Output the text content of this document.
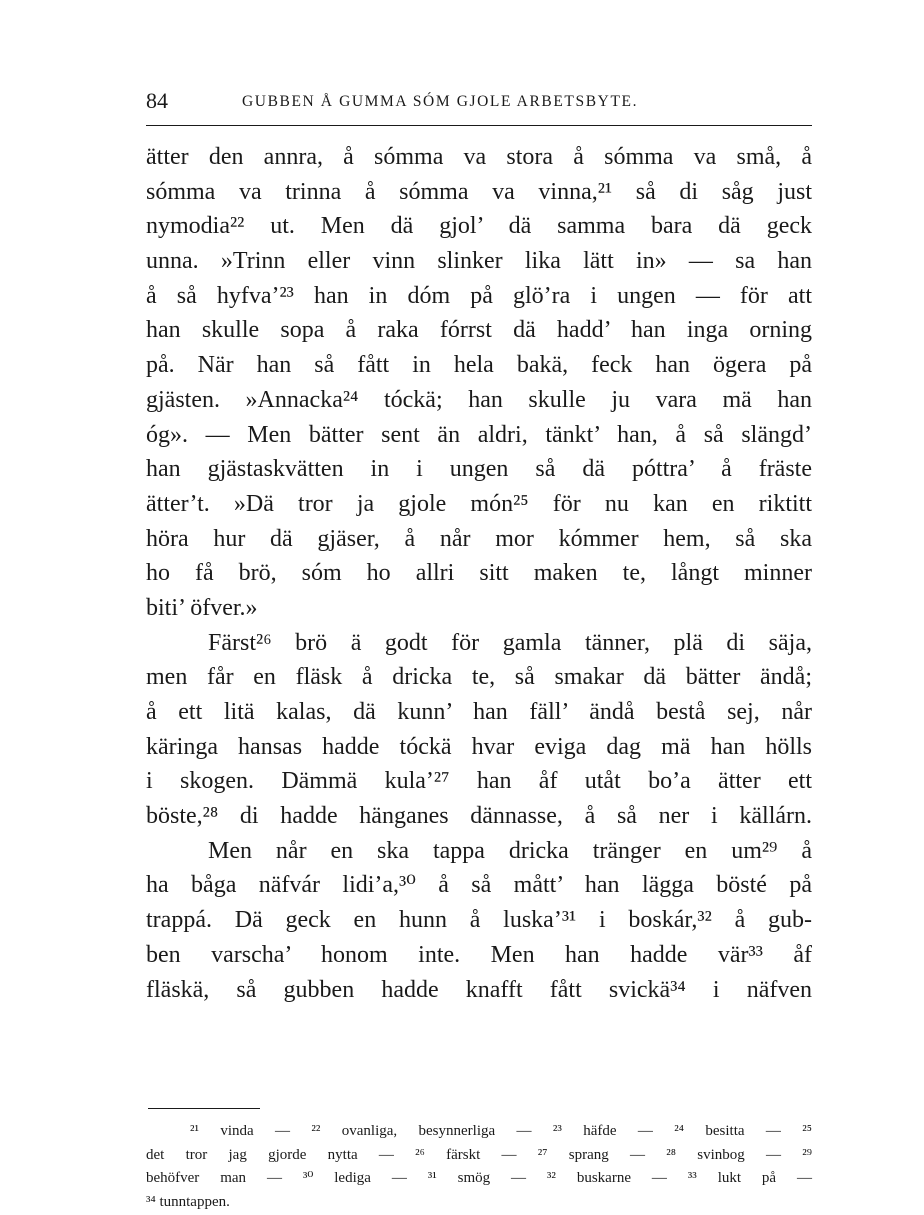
84	GUBBEN Å GUMMA SÓM GJOLE ARBETSBYTE.
ätter den annra, å sómma va stora å sómma va små, å
sómma va trinna å sómma va vinna,²¹ så di såg just
nymodia²² ut. Men dä gjol’ dä samma bara dä geck
unna. »Trinn eller vinn slinker lika lätt in» — sa han
å så hyfva’²³ han in dóm på glö’ra i ungen — för att
han skulle sopa å raka fórrst dä hadd’ han inga orning
på. När han så fått in hela bakä, feck han ögera på
gjästen. »Annacka²⁴ tóckä; han skulle ju vara mä han
óg». — Men bätter sent än aldri, tänkt’ han, å så slängd’
han gjästaskvätten in i ungen så dä póttra’ å fräste
ätter’t. »Dä tror ja gjole món²⁵ för nu kan en riktitt
höra hur dä gjäser, å når mor kómmer hem, så ska
ho få brö, sóm ho allri sitt maken te, långt minner
biti’ öfver.»
Färst²⁶ brö ä godt för gamla tänner, plä di säja,
men får en fläsk å dricka te, så smakar dä bätter ändå;
å ett litä kalas, dä kunn’ han fäll’ ändå bestå sej, når
käringa hansas hadde tóckä hvar eviga dag mä han hölls
i skogen. Dämmä kula’²⁷ han åf utåt bo’a ätter ett
böste,²⁸ di hadde hänganes dännasse, å så ner i källárn.
Men når en ska tappa dricka tränger en um²⁹ å
ha båga näfvár lidi’a,³⁰ å så mått’ han lägga bösté på
trappá. Dä geck en hunn å luska’³¹ i boskár,³² å gub-
ben varscha’ honom inte. Men han hadde vär³³ åf
fläskä, så gubben hadde knafft fått svickä³⁴ i näfven
²¹ vinda — ²² ovanliga, besynnerliga — ²³ häfde — ²⁴ besitta — ²⁵
det tror jag gjorde nytta — ²⁶ färskt — ²⁷ sprang — ²⁸ svinbog — ²⁹
behöfver man — ³⁰ lediga — ³¹ smög — ³² buskarne — ³³ lukt på —
³⁴ tunntappen.
